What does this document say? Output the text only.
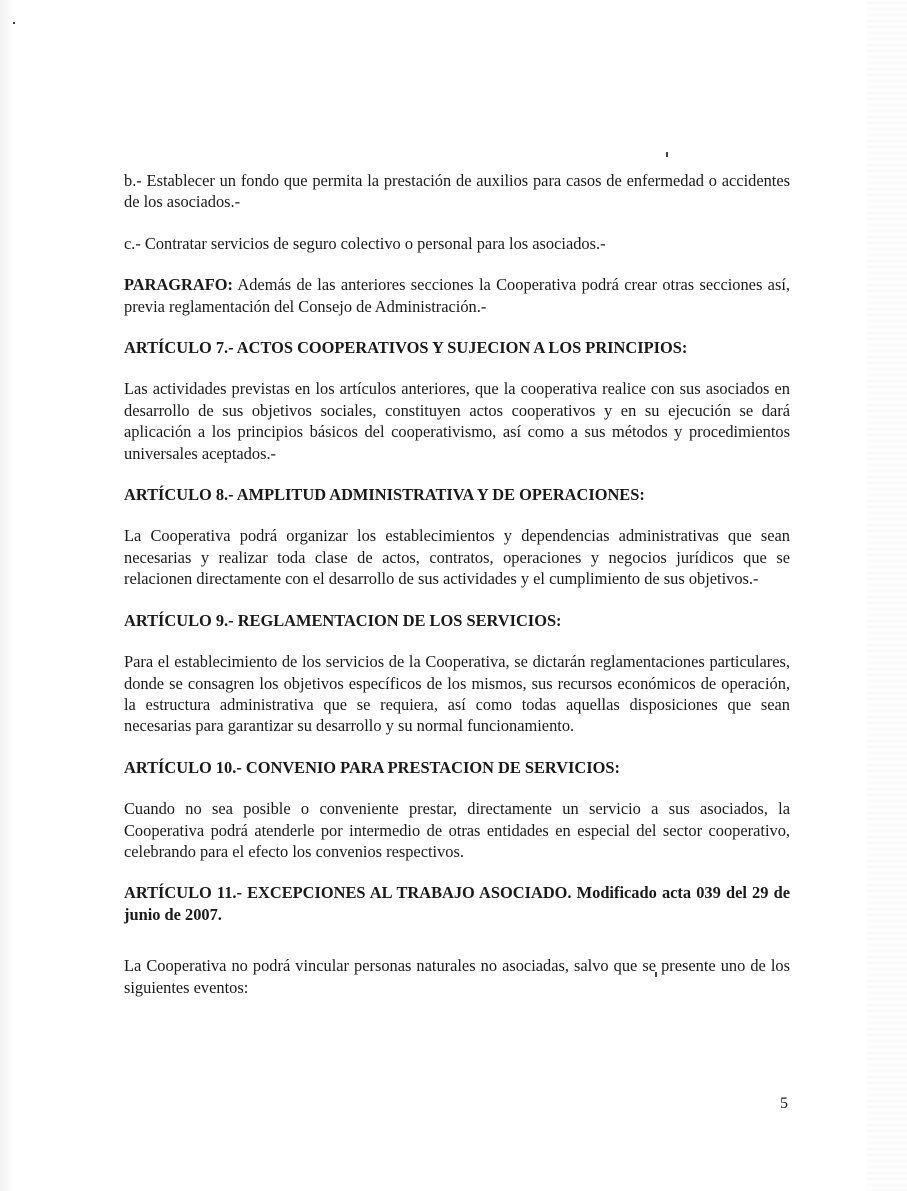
b.- Establecer un fondo que permita la prestación de auxilios para casos de enfermedad o accidentes de los asociados.-

c.- Contratar servicios de seguro colectivo o personal para los asociados.-

PARAGRAFO: Además de las anteriores secciones la Cooperativa podrá crear otras secciones así, previa reglamentación del Consejo de Administración.-

ARTÍCULO 7.- ACTOS COOPERATIVOS Y SUJECION A LOS PRINCIPIOS:

Las actividades previstas en los artículos anteriores, que la cooperativa realice con sus asociados en desarrollo de sus objetivos sociales, constituyen actos cooperativos y en su ejecución se dará aplicación a los principios básicos del cooperativismo, así como a sus métodos y procedimientos universales aceptados.-

ARTÍCULO 8.- AMPLITUD ADMINISTRATIVA Y DE OPERACIONES:

La Cooperativa podrá organizar los establecimientos y dependencias administrativas que sean necesarias y realizar toda clase de actos, contratos, operaciones y negocios jurídicos que se relacionen directamente con el desarrollo de sus actividades y el cumplimiento de sus objetivos.-

ARTÍCULO 9.- REGLAMENTACION DE LOS SERVICIOS:

Para el establecimiento de los servicios de la Cooperativa, se dictarán reglamentaciones particulares, donde se consagren los objetivos específicos de los mismos, sus recursos económicos de operación, la estructura administrativa que se requiera, así como todas aquellas disposiciones que sean necesarias para garantizar su desarrollo y su normal funcionamiento.

ARTÍCULO 10.- CONVENIO PARA PRESTACION DE SERVICIOS:

Cuando no sea posible o conveniente prestar, directamente un servicio a sus asociados, la Cooperativa podrá atenderle por intermedio de otras entidades en especial del sector cooperativo, celebrando para el efecto los convenios respectivos.

ARTÍCULO 11.- EXCEPCIONES AL TRABAJO ASOCIADO. Modificado acta 039 del 29 de junio de 2007.

La Cooperativa no podrá vincular personas naturales no asociadas, salvo que se presente uno de los siguientes eventos:

5
